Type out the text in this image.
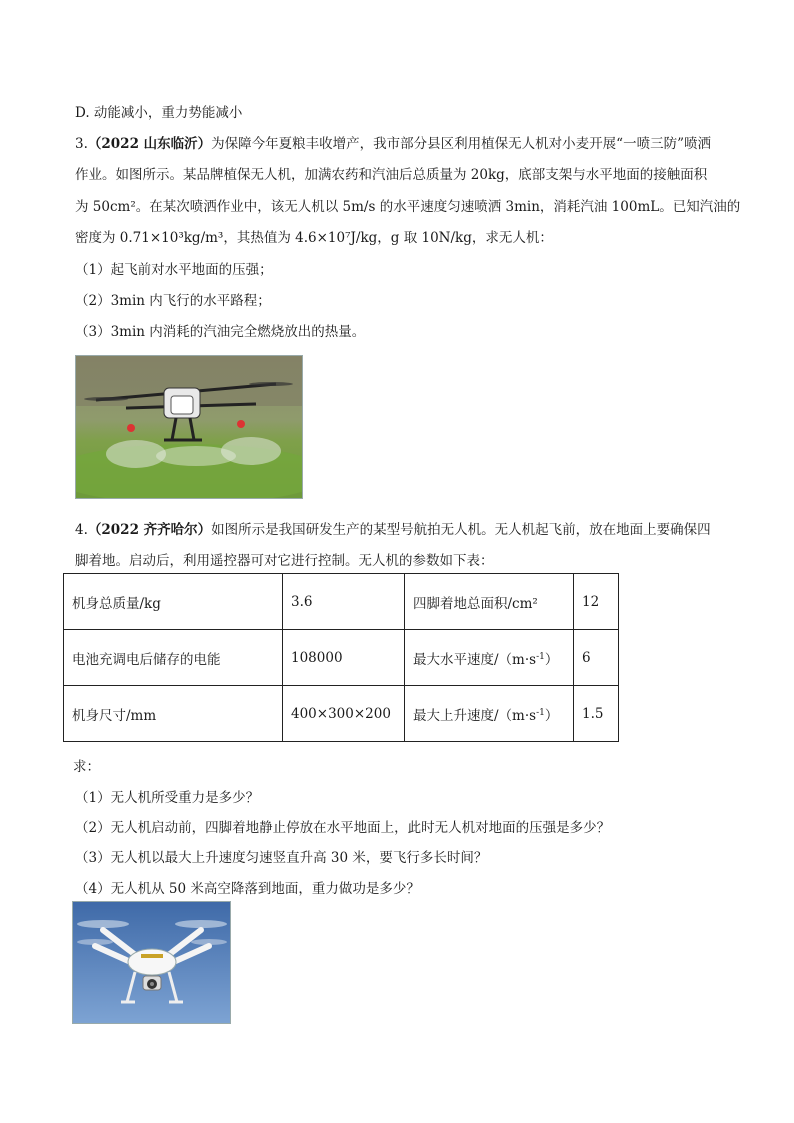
D. 动能减小，重力势能减小
3.（2022 山东临沂）为保障今年夏粮丰收增产，我市部分县区利用植保无人机对小麦开展“一喷三防”喷洒
作业。如图所示。某品牌植保无人机，加满农药和汽油后总质量为 20kg，底部支架与水平地面的接触面积
为 50cm²。在某次喷洒作业中，该无人机以 5m/s 的水平速度匀速喷洒 3min，消耗汽油 100mL。已知汽油的
密度为 0.71×10³kg/m³，其热值为 4.6×10⁷J/kg，g 取 10N/kg，求无人机：
（1）起飞前对水平地面的压强；
（2）3min 内飞行的水平路程；
（3）3min 内消耗的汽油完全燃烧放出的热量。
4.（2022 齐齐哈尔）如图所示是我国研发生产的某型号航拍无人机。无人机起飞前，放在地面上要确保四
脚着地。启动后，利用遥控器可对它进行控制。无人机的参数如下表：
机身总质量/kg	3.6	四脚着地总面积/cm²	12
电池充调电后储存的电能	108000	最大水平速度$/(m\cdot s^{-1})$	6
机身尺寸/mm	400×300×200	最大上升速度$/(m\cdot s^{-1})$	1.5
求：
（1）无人机所受重力是多少？
（2）无人机启动前，四脚着地静止停放在水平地面上，此时无人机对地面的压强是多少？
（3）无人机以最大上升速度匀速竖直升高 30 米，要飞行多长时间？
（4）无人机从 50 米高空降落到地面，重力做功是多少？
